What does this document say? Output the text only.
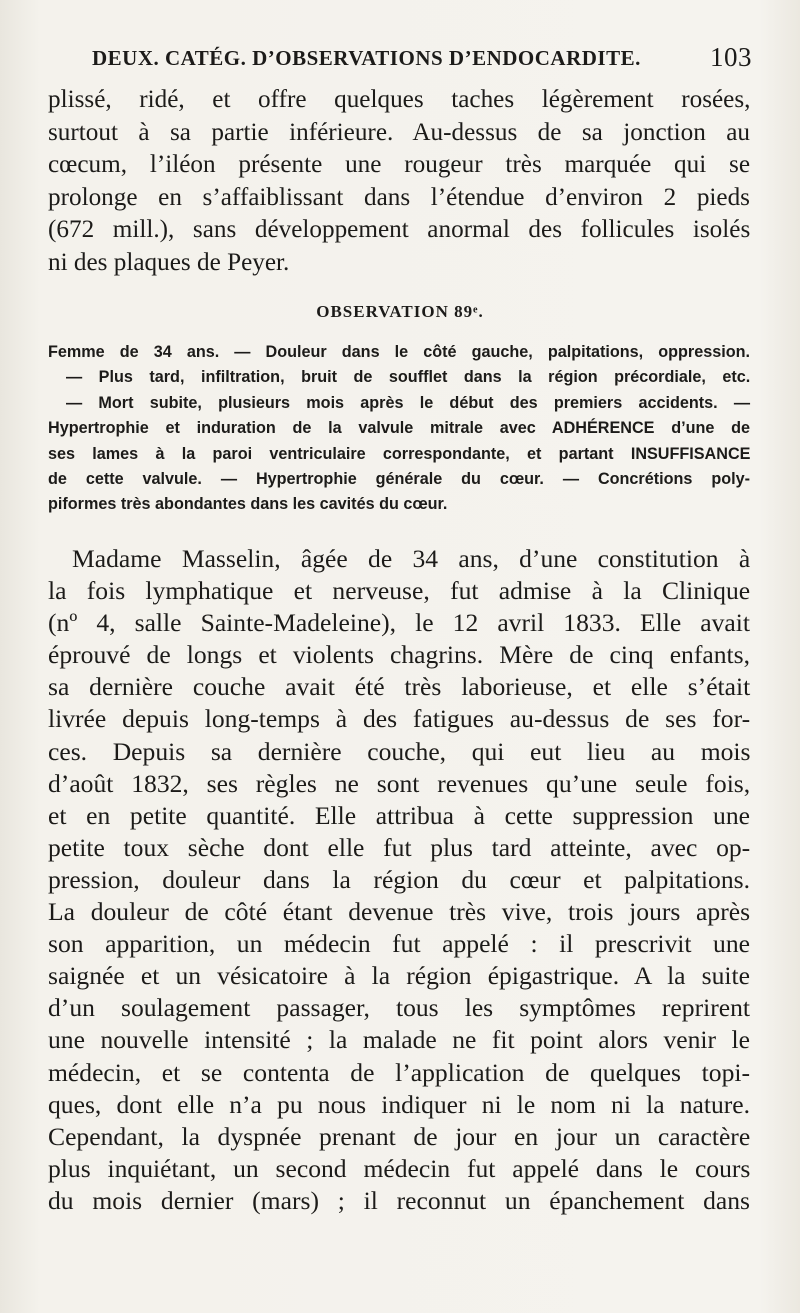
DEUX. CATÉG. D’OBSERVATIONS D’ENDOCARDITE.	103
plissé, ridé, et offre quelques taches légèrement rosées,
surtout à sa partie inférieure. Au-dessus de sa jonction au
cœcum, l’iléon présente une rougeur très marquée qui se
prolonge en s’affaiblissant dans l’étendue d’environ 2 pieds
(672 mill.), sans développement anormal des follicules isolés
ni des plaques de Peyer.
OBSERVATION 89ᵉ.
Femme de 34 ans. — Douleur dans le côté gauche, palpitations, oppression.
— Plus tard, infiltration, bruit de soufflet dans la région précordiale, etc.
— Mort subite, plusieurs mois après le début des premiers accidents. —
Hypertrophie et induration de la valvule mitrale avec ADHÉRENCE d’une de
ses lames à la paroi ventriculaire correspondante, et partant INSUFFISANCE
de cette valvule. — Hypertrophie générale du cœur. — Concrétions poly-
piformes très abondantes dans les cavités du cœur.
Madame Masselin, âgée de 34 ans, d’une constitution à
la fois lymphatique et nerveuse, fut admise à la Clinique
(nº 4, salle Sainte-Madeleine), le 12 avril 1833. Elle avait
éprouvé de longs et violents chagrins. Mère de cinq enfants,
sa dernière couche avait été très laborieuse, et elle s’était
livrée depuis long-temps à des fatigues au-dessus de ses for-
ces. Depuis sa dernière couche, qui eut lieu au mois
d’août 1832, ses règles ne sont revenues qu’une seule fois,
et en petite quantité. Elle attribua à cette suppression une
petite toux sèche dont elle fut plus tard atteinte, avec op-
pression, douleur dans la région du cœur et palpitations.
La douleur de côté étant devenue très vive, trois jours après
son apparition, un médecin fut appelé : il prescrivit une
saignée et un vésicatoire à la région épigastrique. A la suite
d’un soulagement passager, tous les symptômes reprirent
une nouvelle intensité ; la malade ne fit point alors venir le
médecin, et se contenta de l’application de quelques topi-
ques, dont elle n’a pu nous indiquer ni le nom ni la nature.
Cependant, la dyspnée prenant de jour en jour un caractère
plus inquiétant, un second médecin fut appelé dans le cours
du mois dernier (mars) ; il reconnut un épanchement dans
